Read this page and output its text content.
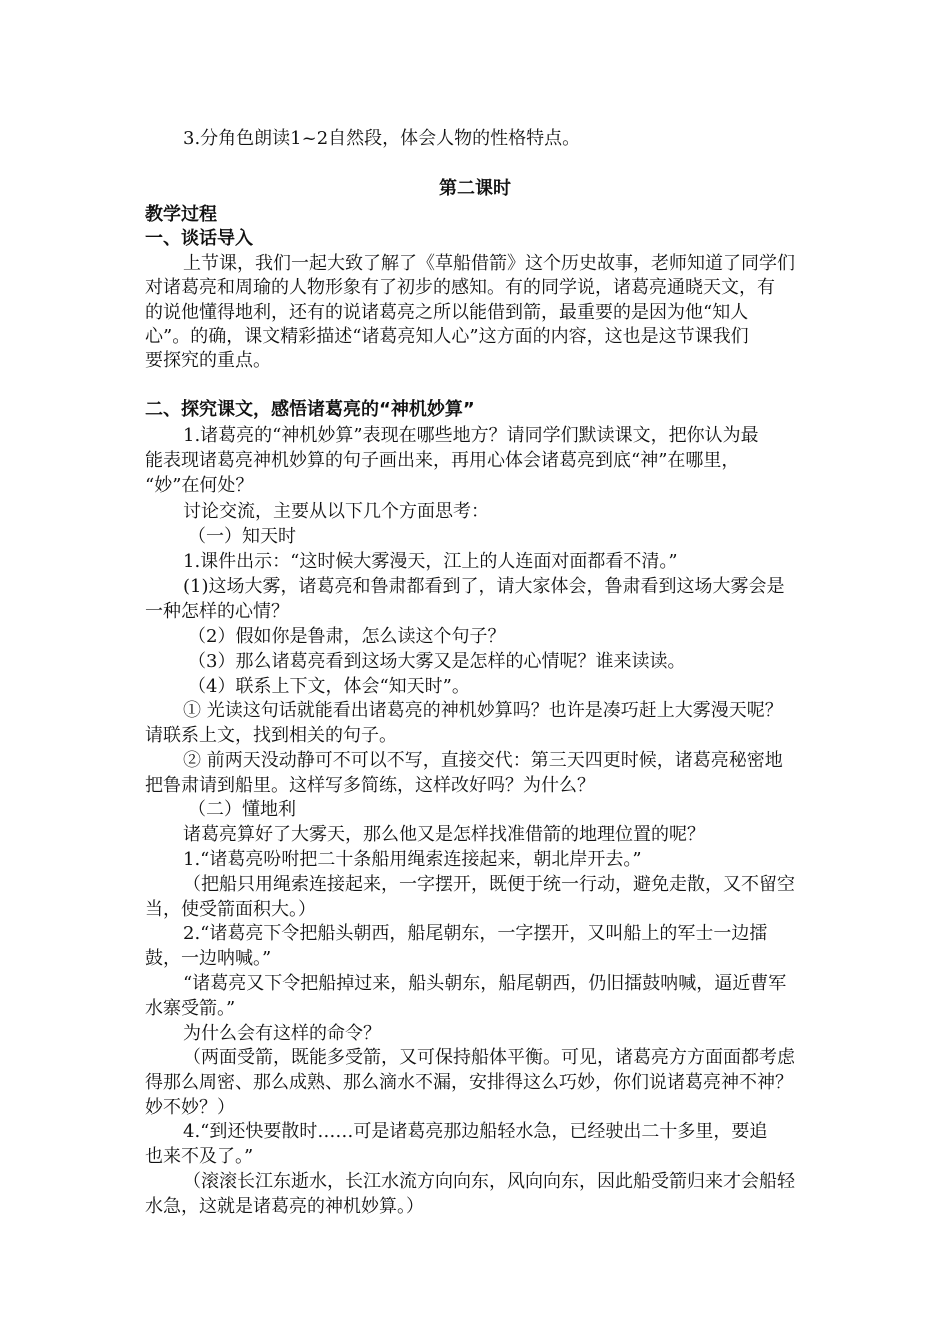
3.分角色朗读1~2自然段，体会人物的性格特点。
第二课时
教学过程
一、谈话导入
上节课，我们一起大致了解了《草船借箭》这个历史故事，老师知道了同学们
对诸葛亮和周瑜的人物形象有了初步的感知。有的同学说，诸葛亮通晓天文，有
的说他懂得地利，还有的说诸葛亮之所以能借到箭，最重要的是因为他“知人
心”。的确，课文精彩描述“诸葛亮知人心”这方面的内容，这也是这节课我们
要探究的重点。
二、探究课文，感悟诸葛亮的“神机妙算”
1.诸葛亮的“神机妙算”表现在哪些地方？请同学们默读课文，把你认为最
能表现诸葛亮神机妙算的句子画出来，再用心体会诸葛亮到底“神”在哪里，
“妙”在何处？
讨论交流，主要从以下几个方面思考：
（一）知天时
1.课件出示：“这时候大雾漫天，江上的人连面对面都看不清。”
(1)这场大雾，诸葛亮和鲁肃都看到了，请大家体会，鲁肃看到这场大雾会是
一种怎样的心情？
（2）假如你是鲁肃，怎么读这个句子？
（3）那么诸葛亮看到这场大雾又是怎样的心情呢？谁来读读。
（4）联系上下文，体会“知天时”。
① 光读这句话就能看出诸葛亮的神机妙算吗？也许是凑巧赶上大雾漫天呢？
请联系上文，找到相关的句子。
② 前两天没动静可不可以不写，直接交代：第三天四更时候，诸葛亮秘密地
把鲁肃请到船里。这样写多简练，这样改好吗？为什么？
（二）懂地利
诸葛亮算好了大雾天，那么他又是怎样找准借箭的地理位置的呢？
1.“诸葛亮吩咐把二十条船用绳索连接起来，朝北岸开去。”
（把船只用绳索连接起来，一字摆开，既便于统一行动，避免走散，又不留空
当，使受箭面积大。）
2.“诸葛亮下令把船头朝西，船尾朝东，一字摆开，又叫船上的军士一边擂
鼓，一边呐喊。”
“诸葛亮又下令把船掉过来，船头朝东，船尾朝西，仍旧擂鼓呐喊，逼近曹军
水寨受箭。”
为什么会有这样的命令？
（两面受箭，既能多受箭，又可保持船体平衡。可见，诸葛亮方方面面都考虑
得那么周密、那么成熟、那么滴水不漏，安排得这么巧妙，你们说诸葛亮神不神？
妙不妙？）
4.“到还快要散时……可是诸葛亮那边船轻水急，已经驶出二十多里，要追
也来不及了。”
（滚滚长江东逝水，长江水流方向向东，风向向东，因此船受箭归来才会船轻
水急，这就是诸葛亮的神机妙算。）
